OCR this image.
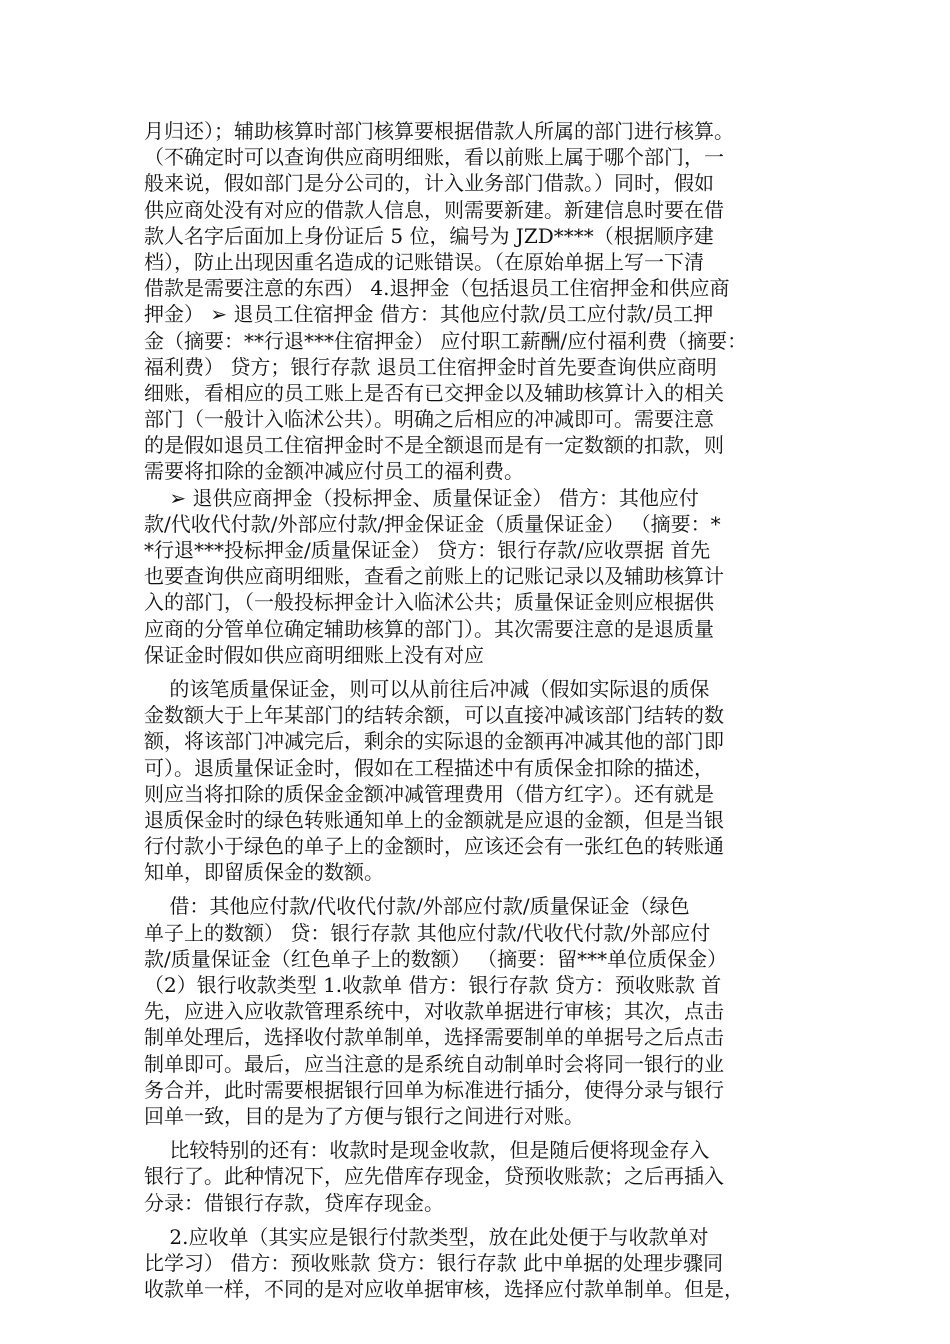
月归还）；辅助核算时部门核算要根据借款人所属的部门进行核算。
（不确定时可以查询供应商明细账，看以前账上属于哪个部门，一
般来说，假如部门是分公司的，计入业务部门借款。）同时，假如
供应商处没有对应的借款人信息，则需要新建。新建信息时要在借
款人名字后面加上身份证后 5 位，编号为 JZD****（根据顺序建
档），防止出现因重名造成的记账错误。（在原始单据上写一下清
借款是需要注意的东西） 4.退押金（包括退员工住宿押金和供应商
押金） ➢ 退员工住宿押金 借方：其他应付款/员工应付款/员工押
金（摘要：**行退***住宿押金） 应付职工薪酬/应付福利费（摘要：
福利费） 贷方；银行存款 退员工住宿押金时首先要查询供应商明
细账，看相应的员工账上是否有已交押金以及辅助核算计入的相关
部门（一般计入临沭公共）。明确之后相应的冲减即可。需要注意
的是假如退员工住宿押金时不是全额退而是有一定数额的扣款，则
需要将扣除的金额冲减应付员工的福利费。
➢ 退供应商押金（投标押金、质量保证金） 借方：其他应付
款/代收代付款/外部应付款/押金保证金（质量保证金） （摘要：*
*行退***投标押金/质量保证金） 贷方：银行存款/应收票据 首先
也要查询供应商明细账，查看之前账上的记账记录以及辅助核算计
入的部门，（一般投标押金计入临沭公共；质量保证金则应根据供
应商的分管单位确定辅助核算的部门）。其次需要注意的是退质量
保证金时假如供应商明细账上没有对应
的该笔质量保证金，则可以从前往后冲减（假如实际退的质保
金数额大于上年某部门的结转余额，可以直接冲减该部门结转的数
额，将该部门冲减完后，剩余的实际退的金额再冲减其他的部门即
可）。退质量保证金时，假如在工程描述中有质保金扣除的描述，
则应当将扣除的质保金金额冲减管理费用（借方红字）。还有就是
退质保金时的绿色转账通知单上的金额就是应退的金额，但是当银
行付款小于绿色的单子上的金额时，应该还会有一张红色的转账通
知单，即留质保金的数额。
借：其他应付款/代收代付款/外部应付款/质量保证金（绿色
单子上的数额） 贷：银行存款 其他应付款/代收代付款/外部应付
款/质量保证金（红色单子上的数额） （摘要：留***单位质保金）
（2）银行收款类型 1.收款单 借方：银行存款 贷方：预收账款 首
先，应进入应收款管理系统中，对收款单据进行审核；其次，点击
制单处理后，选择收付款单制单，选择需要制单的单据号之后点击
制单即可。最后，应当注意的是系统自动制单时会将同一银行的业
务合并，此时需要根据银行回单为标准进行插分，使得分录与银行
回单一致，目的是为了方便与银行之间进行对账。
比较特别的还有：收款时是现金收款，但是随后便将现金存入
银行了。此种情况下，应先借库存现金，贷预收账款；之后再插入
分录：借银行存款，贷库存现金。
2.应收单（其实应是银行付款类型，放在此处便于与收款单对
比学习） 借方：预收账款 贷方：银行存款 此中单据的处理步骤同
收款单一样，不同的是对应收单据审核，选择应付款单制单。但是，
